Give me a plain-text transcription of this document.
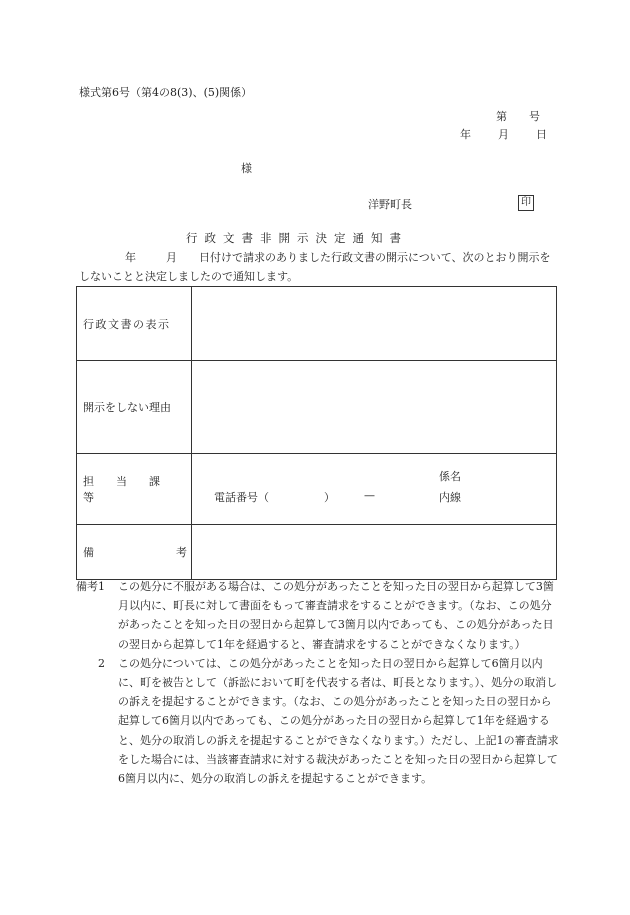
様式第6号（第4の8(3)、(5)関係）
第 号
年 月 日
様
洋野町長	印
行政文書非開示決定通知書
年	月 日付けで請求のありました行政文書の開示について、次のとおり開示をしないことと決定しましたので通知します。
行政文書の表示	
開示をしない理由	
担当課等	係名
電話番号（　　　　　） — 内線

備 考	

備考1	この処分に不服がある場合は、この処分があったことを知った日の翌日から起算して3箇月以内に、町長に対して書面をもって審査請求をすることができます。（なお、この処分があったことを知った日の翌日から起算して3箇月以内であっても、この処分があった日の翌日から起算して1年を経過すると、審査請求をすることができなくなります。）
2	この処分については、この処分があったことを知った日の翌日から起算して6箇月以内に、町を被告として（訴訟において町を代表する者は、町長となります。）、処分の取消しの訴えを提起することができます。（なお、この処分があったことを知った日の翌日から起算して6箇月以内であっても、この処分があった日の翌日から起算して1年を経過すると、処分の取消しの訴えを提起することができなくなります。）ただし、上記1の審査請求をした場合には、当該審査請求に対する裁決があったことを知った日の翌日から起算して6箇月以内に、処分の取消しの訴えを提起することができます。
